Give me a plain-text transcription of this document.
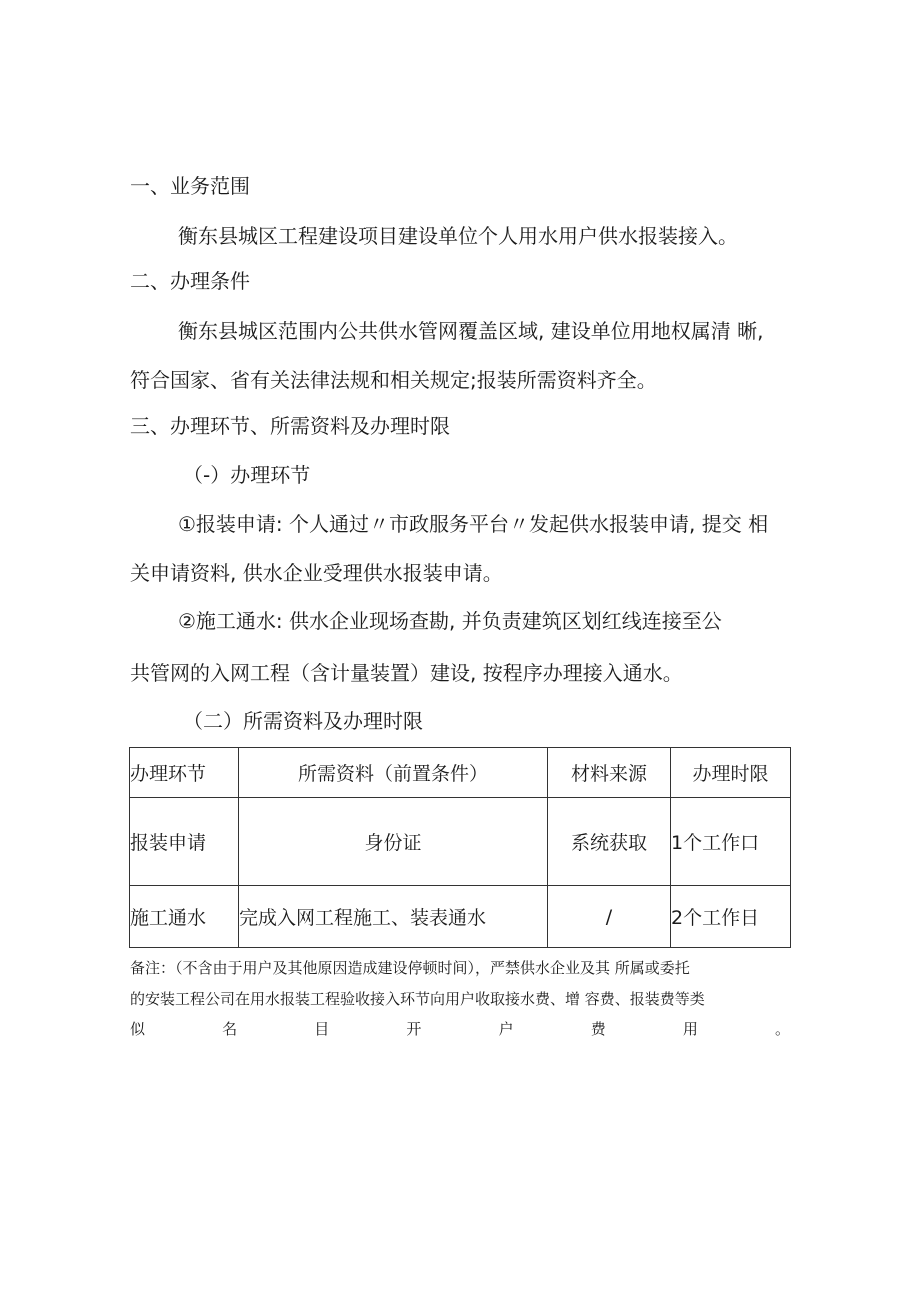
一、业务范围

衡东县城区工程建设项目建设单位个人用水用户供水报装接入。

二、办理条件

衡东县城区范围内公共供水管网覆盖区域, 建设单位用地权属清 晰,

符合国家、省有关法律法规和相关规定;报装所需资料齐全。

三、办理环节、所需资料及办理时限

（-）办理环节

①报装申请: 个人通过〃市政服务平台〃发起供水报装申请, 提交 相

关申请资料, 供水企业受理供水报装申请。

②施工通水: 供水企业现场查勘, 并负责建筑区划红线连接至公

共管网的入网工程（含计量装置）建设, 按程序办理接入通水。

（二）所需资料及办理时限

办理环节	所需资料（前置条件）	材料来源	办理时限
报装申请	身份证	系统获取	1个工作口
施工通水	完成入网工程施工、装表通水	/	2个工作日

备注：（不含由于用户及其他原因造成建设停顿时间），严禁供水企业及其 所属或委托

的安装工程公司在用水报装工程验收接入环节向用户收取接水费、增 容费、报装费等类

似	名	目	开	户	费	用	。
